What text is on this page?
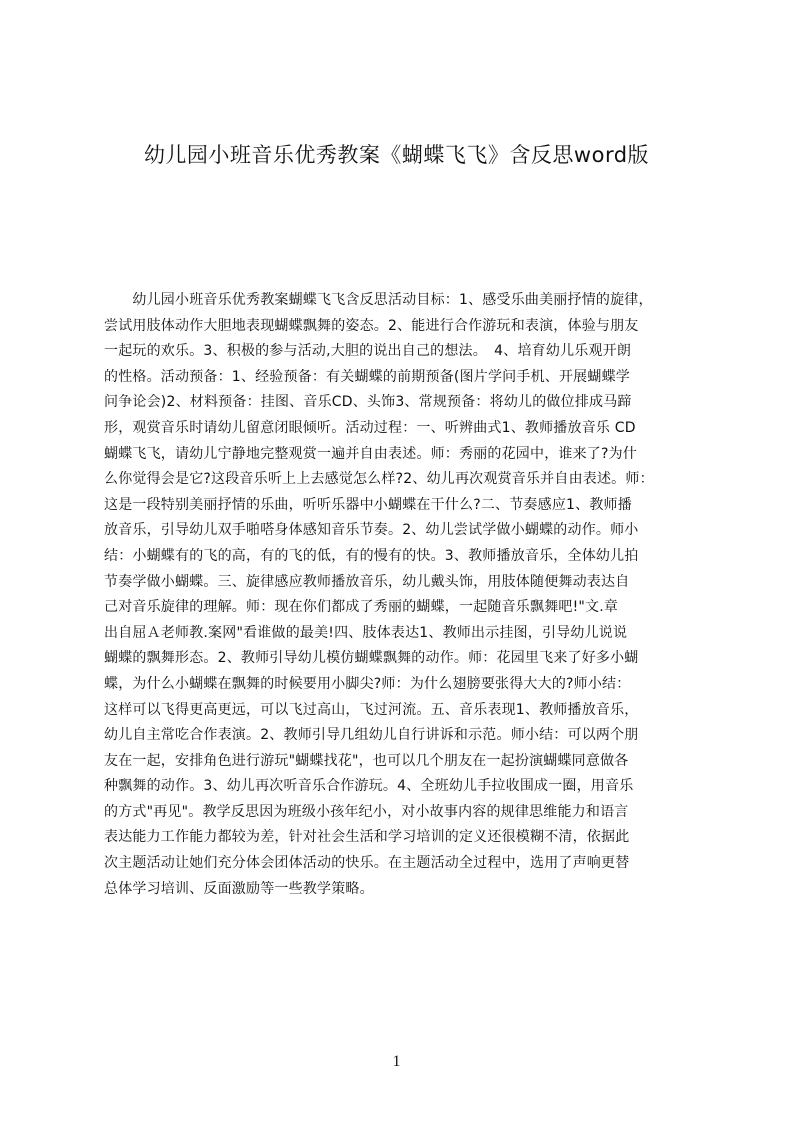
幼儿园小班音乐优秀教案《蝴蝶飞飞》含反思word版
　　幼儿园小班音乐优秀教案蝴蝶飞飞含反思活动目标：1、感受乐曲美丽抒情的旋律，
尝试用肢体动作大胆地表现蝴蝶飘舞的姿态。2、能进行合作游玩和表演，体验与朋友
一起玩的欢乐。3、积极的参与活动,大胆的说出自己的想法。　4、培育幼儿乐观开朗
的性格。活动预备：1、经验预备：有关蝴蝶的前期预备(图片学问手机、开展蝴蝶学
问争论会)2、材料预备：挂图、音乐CD、头饰3、常规预备：将幼儿的做位排成马蹄
形，观赏音乐时请幼儿留意闭眼倾听。活动过程：一、听辨曲式1、教师播放音乐 CD
蝴蝶飞飞，请幼儿宁静地完整观赏一遍并自由表述。师：秀丽的花园中，谁来了?为什
么你觉得会是它?这段音乐听上上去感觉怎么样?2、幼儿再次观赏音乐并自由表述。师：
这是一段特别美丽抒情的乐曲，听听乐器中小蝴蝶在干什么?二、节奏感应1、教师播
放音乐，引导幼儿双手啪嗒身体感知音乐节奏。2、幼儿尝试学做小蝴蝶的动作。师小
结：小蝴蝶有的飞的高，有的飞的低，有的慢有的快。3、教师播放音乐，全体幼儿拍
节奏学做小蝴蝶。三、旋律感应教师播放音乐，幼儿戴头饰，用肢体随便舞动表达自
己对音乐旋律的理解。师：现在你们都成了秀丽的蝴蝶，一起随音乐飘舞吧!"文.章
出自屈Ａ老师教.案网"看谁做的最美!四、肢体表达1、教师出示挂图，引导幼儿说说
蝴蝶的飘舞形态。2、教师引导幼儿模仿蝴蝶飘舞的动作。师：花园里飞来了好多小蝴
蝶，为什么小蝴蝶在飘舞的时候要用小脚尖?师：为什么翅膀要张得大大的?师小结：
这样可以飞得更高更远，可以飞过高山，飞过河流。五、音乐表现1、教师播放音乐，
幼儿自主常吃合作表演。2、教师引导几组幼儿自行讲诉和示范。师小结：可以两个朋
友在一起，安排角色进行游玩"蝴蝶找花"，也可以几个朋友在一起扮演蝴蝶同意做各
种飘舞的动作。3、幼儿再次听音乐合作游玩。4、全班幼儿手拉收围成一圈，用音乐
的方式"再见"。教学反思因为班级小孩年纪小，对小故事内容的规律思维能力和语言
表达能力工作能力都较为差，针对社会生活和学习培训的定义还很模糊不清，依据此
次主题活动让她们充分体会团体活动的快乐。在主题活动全过程中，选用了声响更替
总体学习培训、反面激励等一些教学策略。
1
